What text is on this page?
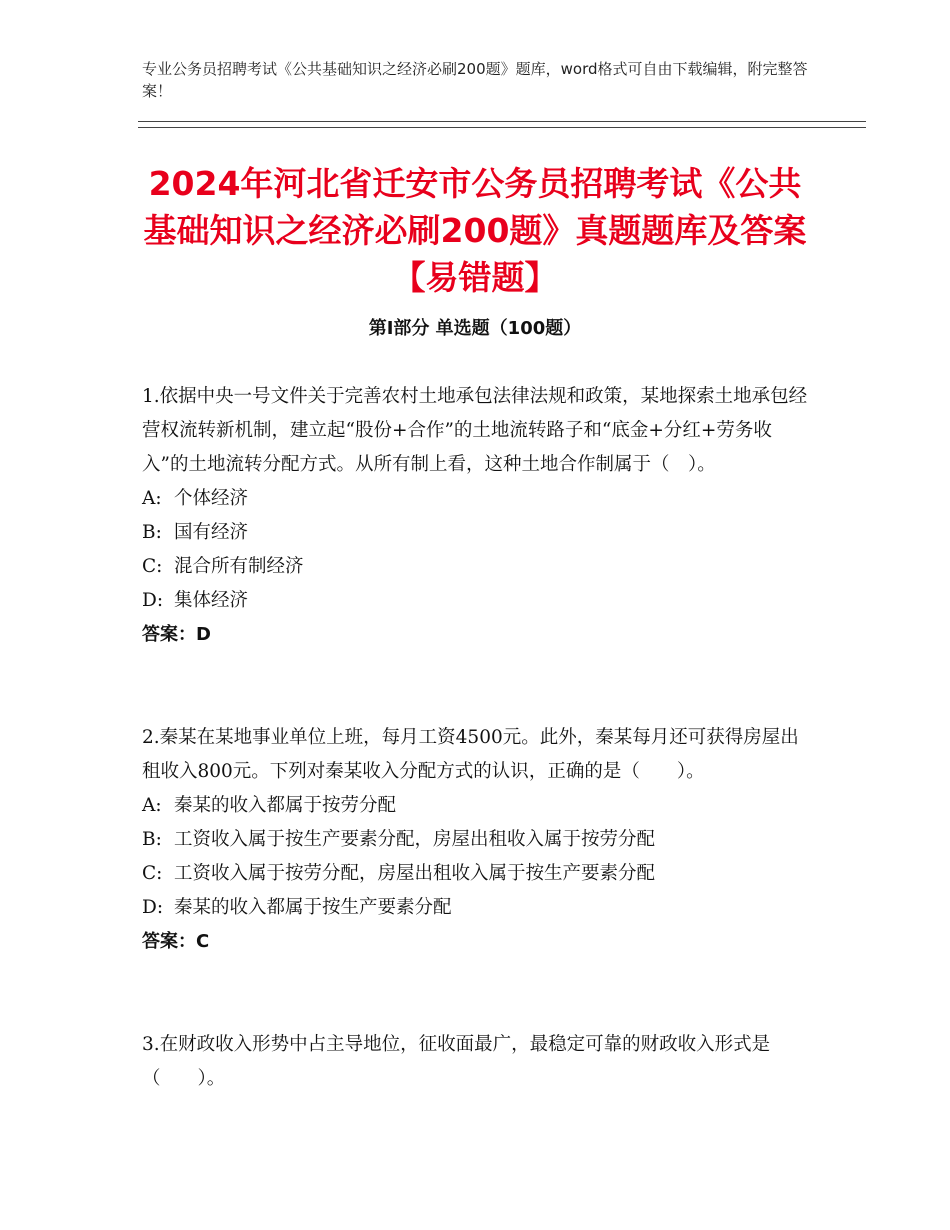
专业公务员招聘考试《公共基础知识之经济必刷200题》题库，word格式可自由下载编辑，附完整答案！
2024年河北省迁安市公务员招聘考试《公共基础知识之经济必刷200题》真题题库及答案【易错题】
第Ⅰ部分 单选题（100题）
1.依据中央一号文件关于完善农村土地承包法律法规和政策，某地探索土地承包经营权流转新机制，建立起“股份+合作”的土地流转路子和“底金+分红+劳务收入”的土地流转分配方式。从所有制上看，这种土地合作制属于（　）。
A: 个体经济
B: 国有经济
C: 混合所有制经济
D: 集体经济
答案：D
2.秦某在某地事业单位上班，每月工资4500元。此外，秦某每月还可获得房屋出租收入800元。下列对秦某收入分配方式的认识，正确的是（　　）。
A: 秦某的收入都属于按劳分配
B: 工资收入属于按生产要素分配，房屋出租收入属于按劳分配
C: 工资收入属于按劳分配，房屋出租收入属于按生产要素分配
D: 秦某的收入都属于按生产要素分配
答案：C
3.在财政收入形势中占主导地位，征收面最广，最稳定可靠的财政收入形式是（　　）。
